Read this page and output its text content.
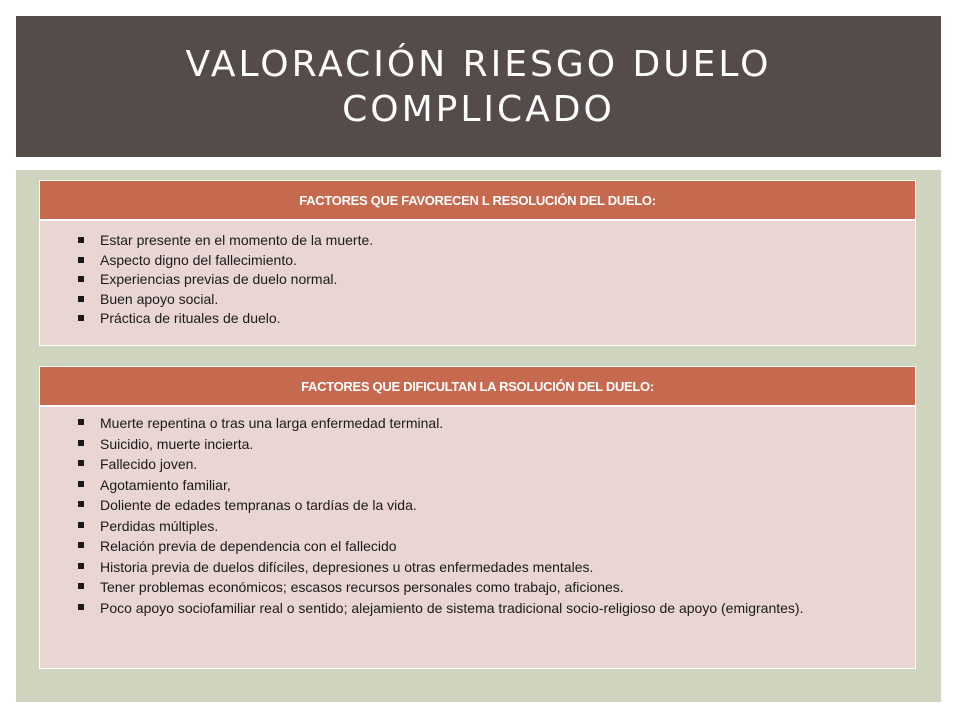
VALORACIÓN RIESGO DUELO
COMPLICADO
FACTORES QUE FAVORECEN L RESOLUCIÓN DEL DUELO:
Estar presente en el momento de la muerte.
Aspecto digno del fallecimiento.
Experiencias previas de duelo normal.
Buen apoyo social.
Práctica de rituales de duelo.
FACTORES QUE DIFICULTAN LA RSOLUCIÓN DEL DUELO:
Muerte repentina o tras una larga enfermedad terminal.
Suicidio, muerte incierta.
Fallecido joven.
Agotamiento familiar,
Doliente de edades tempranas o tardías de la vida.
Perdidas múltiples.
Relación previa de dependencia con el fallecido
Historia previa de duelos difíciles, depresiones u otras enfermedades mentales.
Tener problemas económicos; escasos recursos personales como trabajo, aficiones.
Poco apoyo sociofamiliar real o sentido; alejamiento de sistema tradicional socio-religioso de apoyo (emigrantes).
